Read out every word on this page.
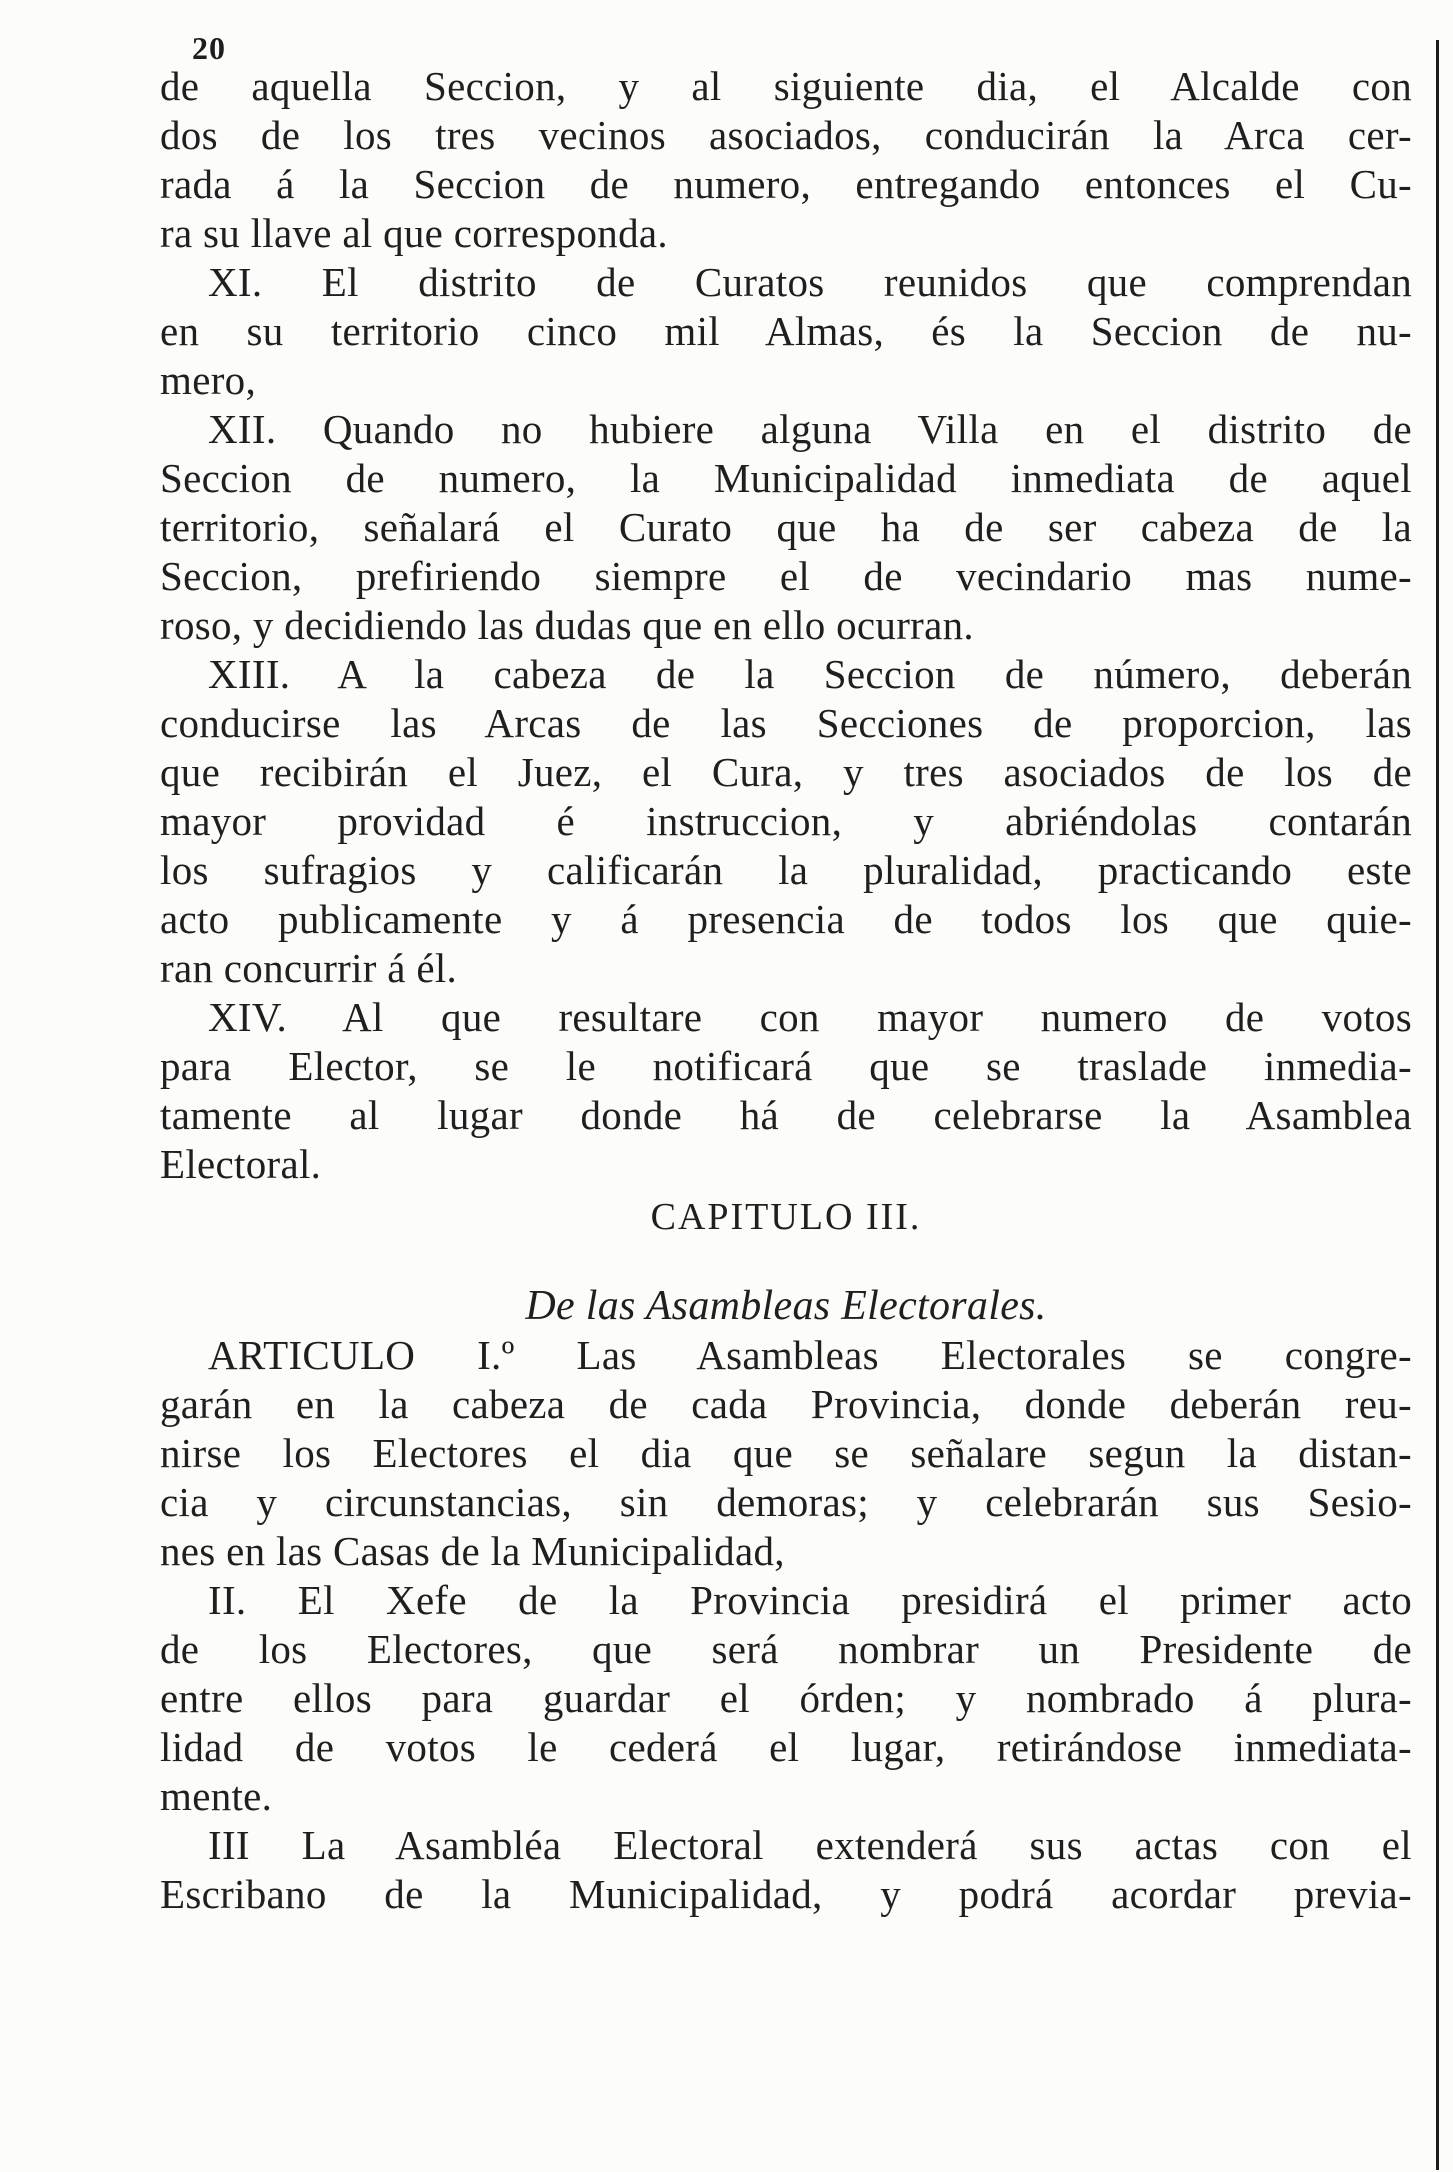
20
de aquella Seccion, y al siguiente dia, el Alcalde con
dos de los tres vecinos asociados, conducirán la Arca cer-
rada á la Seccion de numero, entregando entonces el Cu-
ra su llave al que corresponda.
XI. El distrito de Curatos reunidos que comprendan
en su territorio cinco mil Almas, és la Seccion de nu-
mero,
XII. Quando no hubiere alguna Villa en el distrito de
Seccion de numero, la Municipalidad inmediata de aquel
territorio, señalará el Curato que ha de ser cabeza de la
Seccion, prefiriendo siempre el de vecindario mas nume-
roso, y decidiendo las dudas que en ello ocurran.
XIII. A la cabeza de la Seccion de número, deberán
conducirse las Arcas de las Secciones de proporcion, las
que recibirán el Juez, el Cura, y tres asociados de los de
mayor providad é instruccion, y abriéndolas contarán
los sufragios y calificarán la pluralidad, practicando este
acto publicamente y á presencia de todos los que quie-
ran concurrir á él.
XIV. Al que resultare con mayor numero de votos
para Elector, se le notificará que se traslade inmedia-
tamente al lugar donde há de celebrarse la Asamblea
Electoral.
CAPITULO III.
De las Asambleas Electorales.
ARTICULO I.º Las Asambleas Electorales se congre-
garán en la cabeza de cada Provincia, donde deberán reu-
nirse los Electores el dia que se señalare segun la distan-
cia y circunstancias, sin demoras; y celebrarán sus Sesio-
nes en las Casas de la Municipalidad,
II. El Xefe de la Provincia presidirá el primer acto
de los Electores, que será nombrar un Presidente de
entre ellos para guardar el órden; y nombrado á plura-
lidad de votos le cederá el lugar, retirándose inmediata-
mente.
III La Asambléa Electoral extenderá sus actas con el
Escribano de la Municipalidad, y podrá acordar previa-
